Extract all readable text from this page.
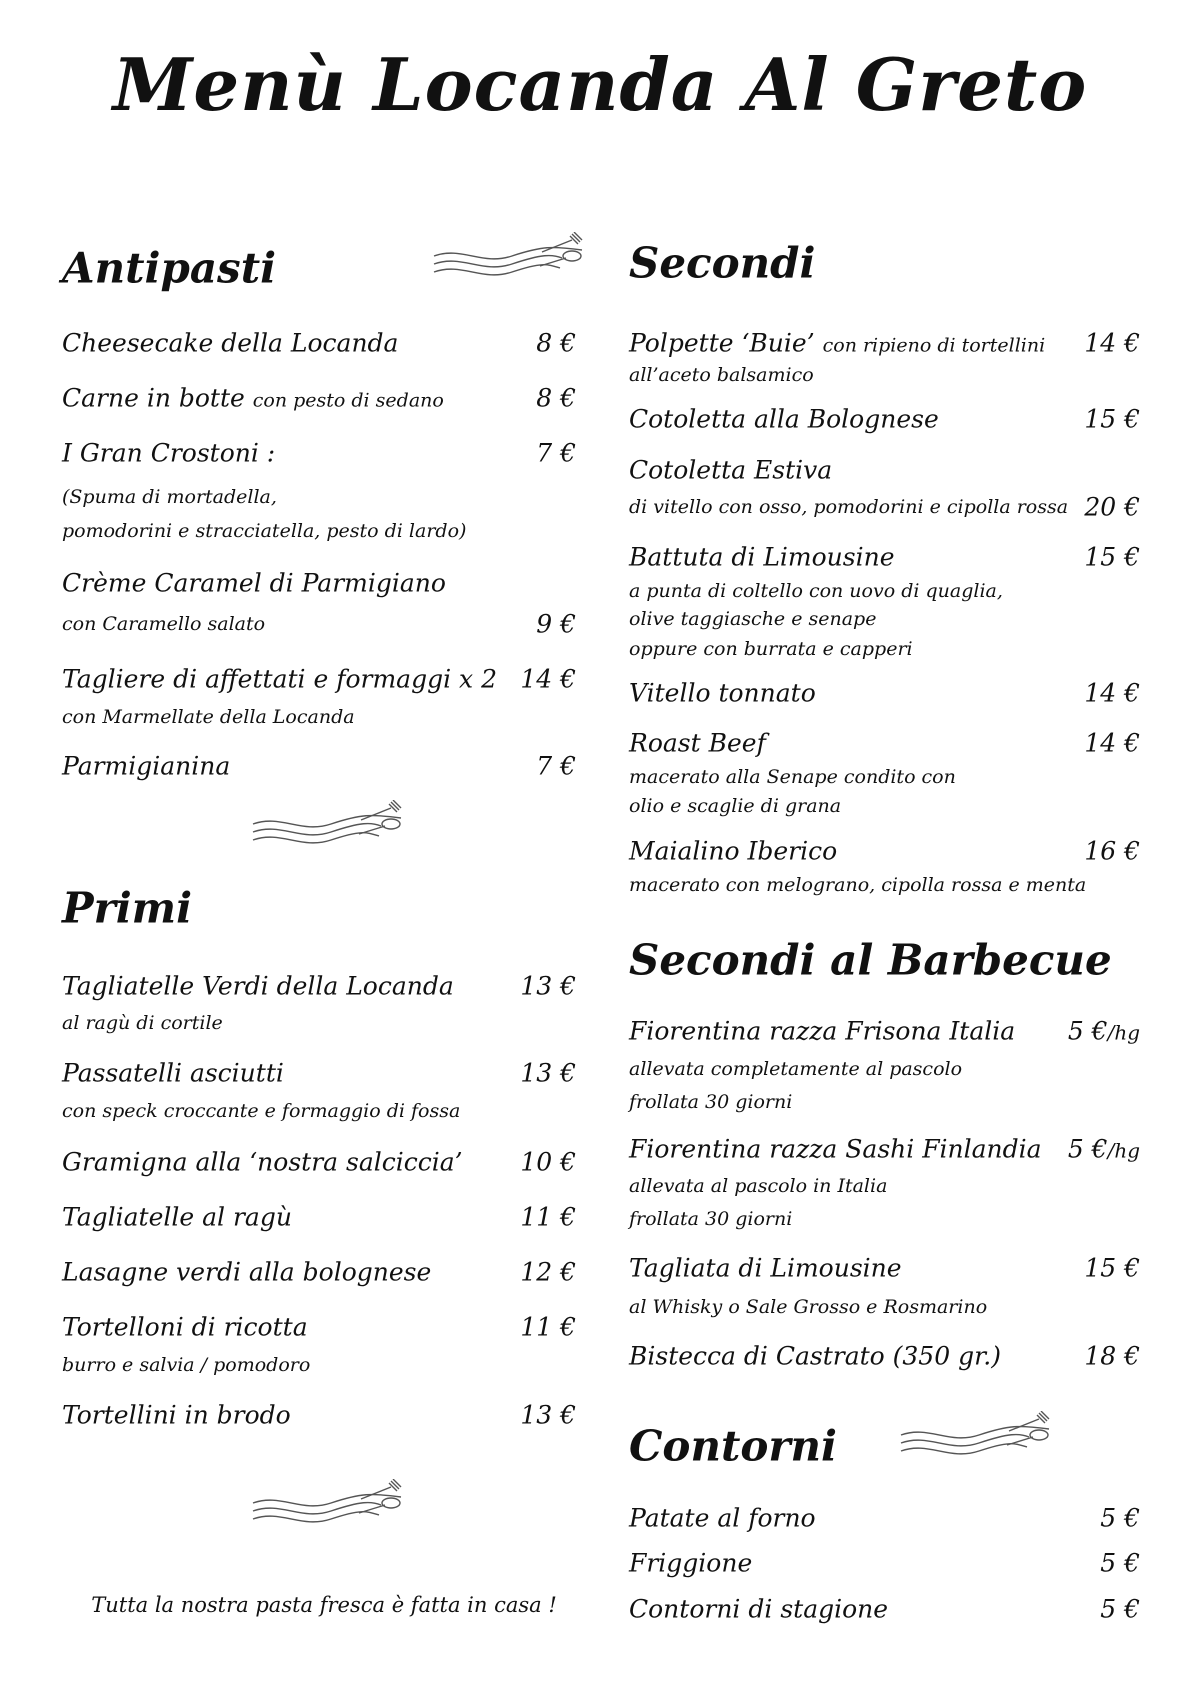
Menù Locanda Al Greto
Tutta la nostra pasta fresca è fatta in casa !
Antipasti
Cheesecake della Locanda	8 €
Carne in botte con pesto di sedano	8 €
I Gran Crostoni :	7 €
(Spuma di mortadella,
pomodorini e stracciatella, pesto di lardo)
Crème Caramel di Parmigiano
9 €
con Caramello salato
Tagliere di affettati e formaggi x 2 14 €
con Marmellate della Locanda
Parmigianina	7 €
Primi
Tagliatelle Verdi della Locanda	13 €
al ragù di cortile
Passatelli asciutti	13 €
con speck croccante e formaggio di fossa
Gramigna alla ‘nostra salciccia’ 10 €
Tagliatelle al ragù	11 €
Lasagne verdi alla bolognese	12 €
Tortelloni di ricotta	11 €
burro e salvia / pomodoro
Tortellini in brodo	13 €
Secondi
Polpette ‘Buie’ con ripieno di tortellini 14 €
all’aceto balsamico
Cotoletta alla Bolognese	15 €
Cotoletta Estiva
20 €
di vitello con osso, pomodorini e cipolla rossa
Battuta di Limousine	15 €
a punta di coltello con uovo di quaglia,
olive taggiasche e senape
oppure con burrata e capperi
Vitello tonnato	14 €
Roast Beef	14 €
macerato alla Senape condito con
olio e scaglie di grana
Maialino Iberico	16 €
macerato con melograno, cipolla rossa e menta
Secondi al Barbecue
Fiorentina razza Frisona Italia 5 €/hg
allevata completamente al pascolo
frollata 30 giorni
Fiorentina razza Sashi Finlandia 5 €/hg
allevata al pascolo in Italia
frollata 30 giorni
Tagliata di Limousine	15 €
al Whisky o Sale Grosso e Rosmarino
Bistecca di Castrato (350 gr.)	18 €
Contorni
Patate al forno	5 €
Friggione	5 €
Contorni di stagione	5 €
